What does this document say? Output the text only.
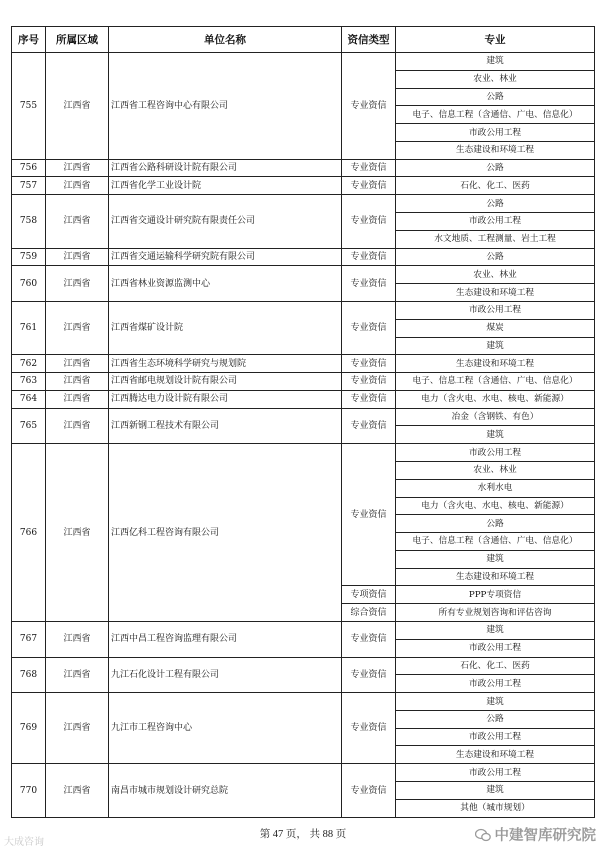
序号	所属区域	单位名称	资信类型	专业
755	江西省	江西省工程咨询中心有限公司	专业资信	建筑
				农业、林业
				公路
				电子、信息工程（含通信、广电、信息化）
				市政公用工程
				生态建设和环境工程
756	江西省	江西省公路科研设计院有限公司	专业资信	公路
757	江西省	江西省化学工业设计院	专业资信	石化、化工、医药
758	江西省	江西省交通设计研究院有限责任公司	专业资信	公路
				市政公用工程
				水文地质、工程测量、岩土工程
759	江西省	江西省交通运输科学研究院有限公司	专业资信	公路
760	江西省	江西省林业资源监测中心	专业资信	农业、林业
				生态建设和环境工程
761	江西省	江西省煤矿设计院	专业资信	市政公用工程
				煤炭
				建筑
762	江西省	江西省生态环境科学研究与规划院	专业资信	生态建设和环境工程
763	江西省	江西省邮电规划设计院有限公司	专业资信	电子、信息工程（含通信、广电、信息化）
764	江西省	江西腾达电力设计院有限公司	专业资信	电力（含火电、水电、核电、新能源）
765	江西省	江西新钢工程技术有限公司	专业资信	冶金（含钢铁、有色）
				建筑
766	江西省	江西亿科工程咨询有限公司	专业资信	市政公用工程
				农业、林业
				水利水电
				电力（含火电、水电、核电、新能源）
				公路
				电子、信息工程（含通信、广电、信息化）
				建筑
				生态建设和环境工程
			专项资信	PPP专项资信
			综合资信	所有专业规划咨询和评估咨询
767	江西省	江西中昌工程咨询监理有限公司	专业资信	建筑
				市政公用工程
768	江西省	九江石化设计工程有限公司	专业资信	石化、化工、医药
				市政公用工程
769	江西省	九江市工程咨询中心	专业资信	建筑
				公路
				市政公用工程
				生态建设和环境工程
770	江西省	南昌市城市规划设计研究总院	专业资信	市政公用工程
				建筑
				其他（城市规划）
大成咨询
第 47 页， 共 88 页	中建智库研究院
